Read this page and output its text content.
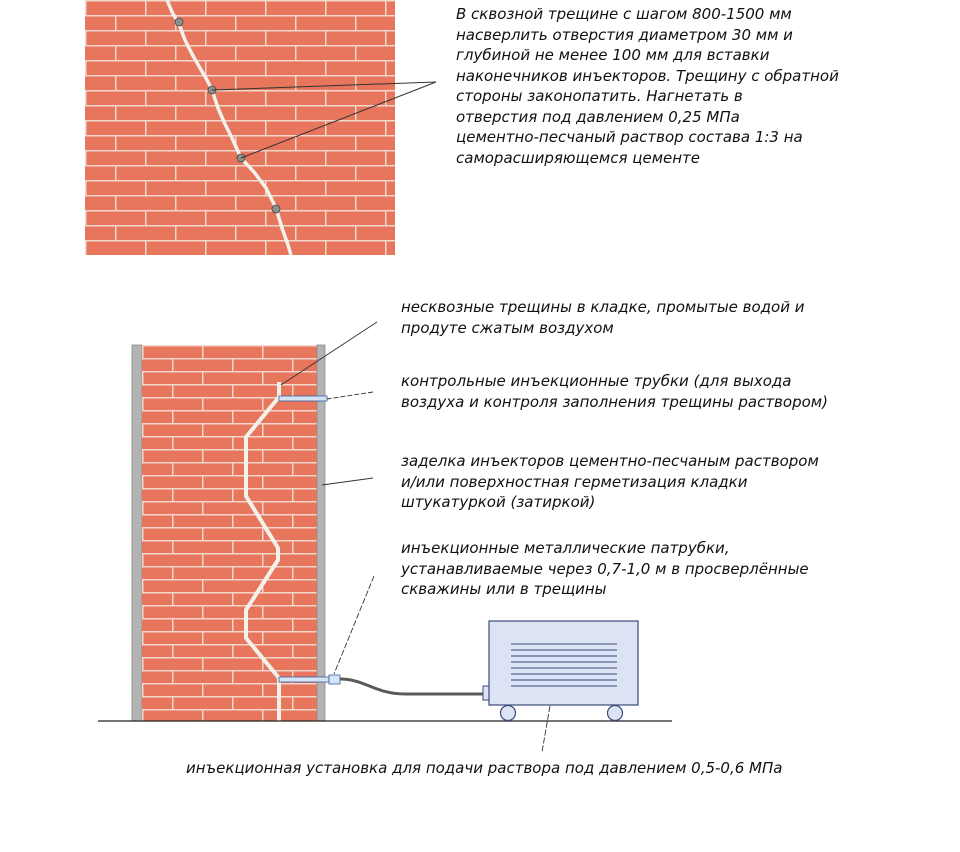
В сквозной трещине с шагом 800-1500 мм
насверлить отверстия диаметром 30 мм и
глубиной не менее 100 мм для вставки
наконечников инъекторов. Трещину с обратной
стороны законопатить. Нагнетать в
отверстия под давлением 0,25 МПа
цементно-песчаный раствор состава 1:3 на
саморасширяющемся цементе
несквозные трещины в кладке, промытые водой и
продуте сжатым воздухом
контрольные инъекционные трубки (для выхода
воздуха и контроля заполнения трещины раствором)
заделка инъекторов цементно-песчаным раствором
и/или поверхностная герметизация кладки
штукатуркой (затиркой)
инъекционные металлические патрубки,
устанавливаемые через 0,7-1,0 м в просверлённые
скважины или в трещины
инъекционная установка для подачи раствора под давлением 0,5-0,6 МПа
